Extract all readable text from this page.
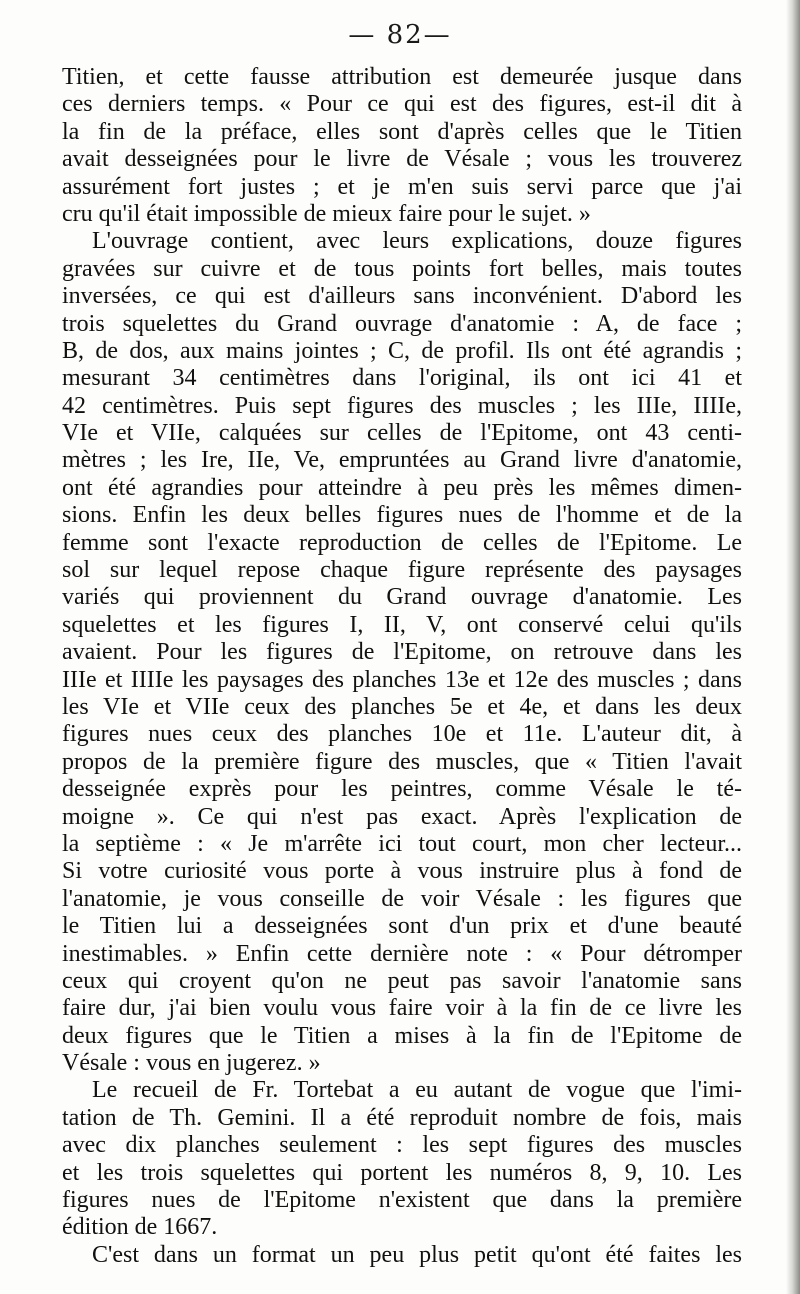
— 82—
Titien, et cette fausse attribution est demeurée jusque dans
ces derniers temps. « Pour ce qui est des figures, est-il dit à
la fin de la préface, elles sont d'après celles que le Titien
avait desseignées pour le livre de Vésale ; vous les trouverez
assurément fort justes ; et je m'en suis servi parce que j'ai
cru qu'il était impossible de mieux faire pour le sujet. »
L'ouvrage contient, avec leurs explications, douze figures
gravées sur cuivre et de tous points fort belles, mais toutes
inversées, ce qui est d'ailleurs sans inconvénient. D'abord les
trois squelettes du Grand ouvrage d'anatomie : A, de face ;
B, de dos, aux mains jointes ; C, de profil. Ils ont été agrandis ;
mesurant 34 centimètres dans l'original, ils ont ici 41 et
42 centimètres. Puis sept figures des muscles ; les IIIe, IIIIe,
VIe et VIIe, calquées sur celles de l'Epitome, ont 43 centi-
mètres ; les Ire, IIe, Ve, empruntées au Grand livre d'anatomie,
ont été agrandies pour atteindre à peu près les mêmes dimen-
sions. Enfin les deux belles figures nues de l'homme et de la
femme sont l'exacte reproduction de celles de l'Epitome. Le
sol sur lequel repose chaque figure représente des paysages
variés qui proviennent du Grand ouvrage d'anatomie. Les
squelettes et les figures I, II, V, ont conservé celui qu'ils
avaient. Pour les figures de l'Epitome, on retrouve dans les
IIIe et IIIIe les paysages des planches 13e et 12e des muscles ; dans
les VIe et VIIe ceux des planches 5e et 4e, et dans les deux
figures nues ceux des planches 10e et 11e. L'auteur dit, à
propos de la première figure des muscles, que « Titien l'avait
desseignée exprès pour les peintres, comme Vésale le té-
moigne ». Ce qui n'est pas exact. Après l'explication de
la septième : « Je m'arrête ici tout court, mon cher lecteur...
Si votre curiosité vous porte à vous instruire plus à fond de
l'anatomie, je vous conseille de voir Vésale : les figures que
le Titien lui a desseignées sont d'un prix et d'une beauté
inestimables. » Enfin cette dernière note : « Pour détromper
ceux qui croyent qu'on ne peut pas savoir l'anatomie sans
faire dur, j'ai bien voulu vous faire voir à la fin de ce livre les
deux figures que le Titien a mises à la fin de l'Epitome de
Vésale : vous en jugerez. »
Le recueil de Fr. Tortebat a eu autant de vogue que l'imi-
tation de Th. Gemini. Il a été reproduit nombre de fois, mais
avec dix planches seulement : les sept figures des muscles
et les trois squelettes qui portent les numéros 8, 9, 10. Les
figures nues de l'Epitome n'existent que dans la première
édition de 1667.
C'est dans un format un peu plus petit qu'ont été faites les
